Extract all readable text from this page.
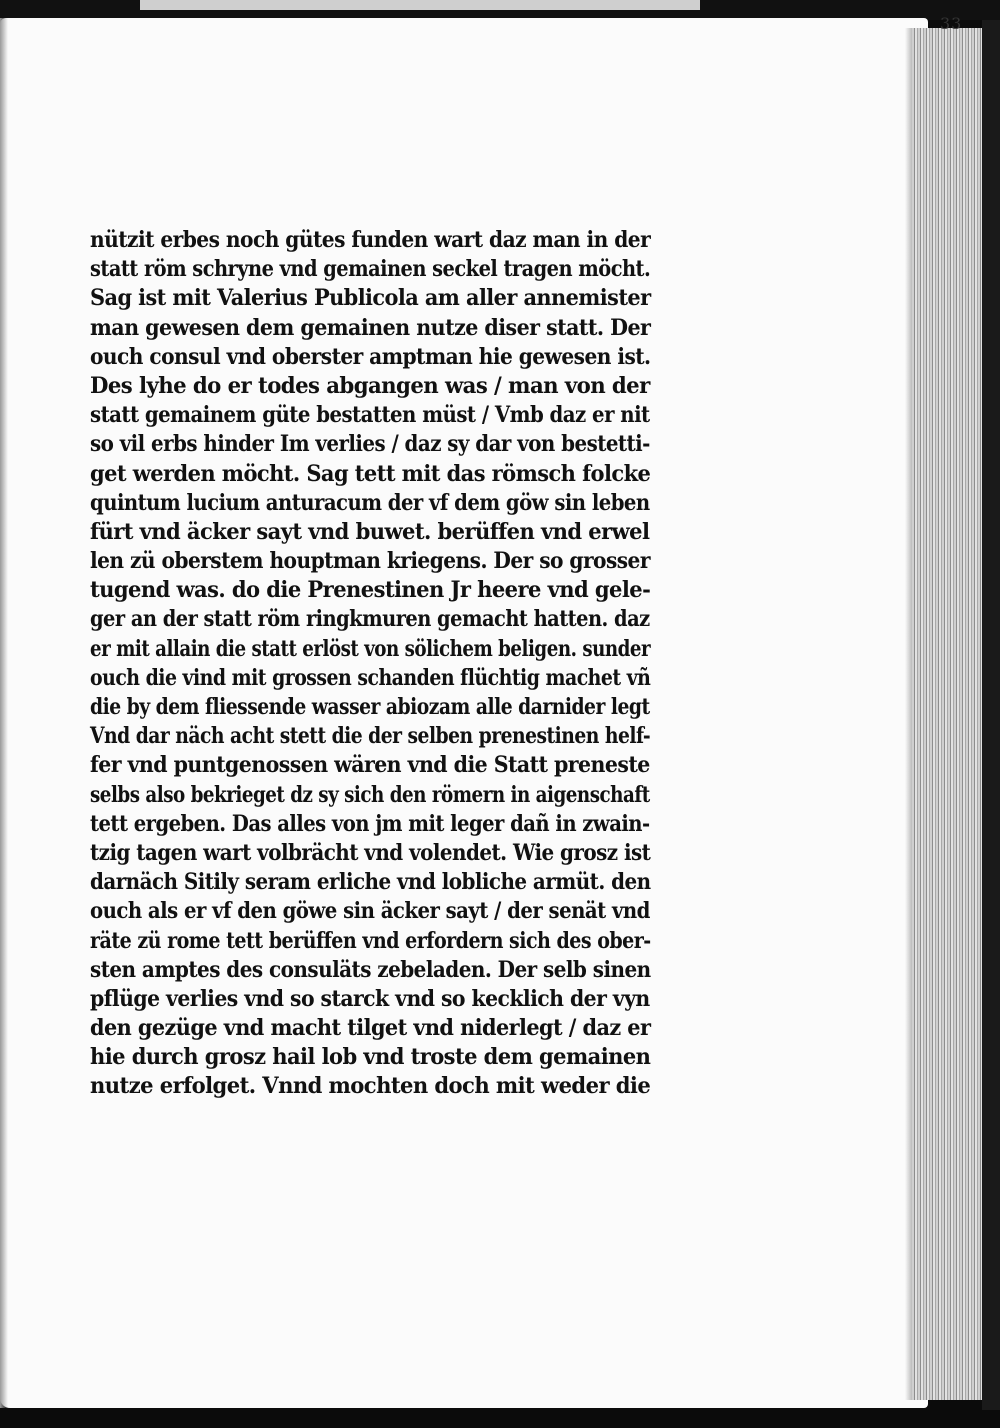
33
nützit erbes noch gütes funden wart daz man in der
statt röm schryne vnd gemainen seckel tragen möcht.
Sag ist mit Valerius Publicola am aller annemister
man gewesen dem gemainen nutze diser statt. Der
ouch consul vnd oberster amptman hie gewesen ist.
Des lyhe do er todes abgangen was / man von der
statt gemainem güte bestatten müst / Vmb daz er nit
so vil erbs hinder Im verlies / daz sy dar von bestetti-
get werden möcht. Sag tett mit das römsch folcke
quintum lucium anturacum der vf dem göw sin leben
fürt vnd äcker sayt vnd buwet. berüffen vnd erwel
len zü oberstem houptman kriegens. Der so grosser
tugend was. do die Prenestinen Jr heere vnd gele-
ger an der statt röm ringkmuren gemacht hatten. daz
er mit allain die statt erlöst von sölichem beligen. sunder
ouch die vind mit grossen schanden flüchtig machet vñ
die by dem fliessende wasser abiozam alle darnider legt
Vnd dar näch acht stett die der selben prenestinen helf-
fer vnd puntgenossen wären vnd die Statt preneste
selbs also bekrieget dz sy sich den römern in aigenschaft
tett ergeben. Das alles von jm mit leger dañ in zwain-
tzig tagen wart volbrächt vnd volendet. Wie grosz ist
darnäch Sitily seram erliche vnd lobliche armüt. den
ouch als er vf den göwe sin äcker sayt / der senät vnd
räte zü rome tett berüffen vnd erfordern sich des ober-
sten amptes des consuläts zebeladen. Der selb sinen
pflüge verlies vnd so starck vnd so kecklich der vyn
den gezüge vnd macht tilget vnd niderlegt / daz er
hie durch grosz hail lob vnd troste dem gemainen
nutze erfolget. Vnnd mochten doch mit weder die
